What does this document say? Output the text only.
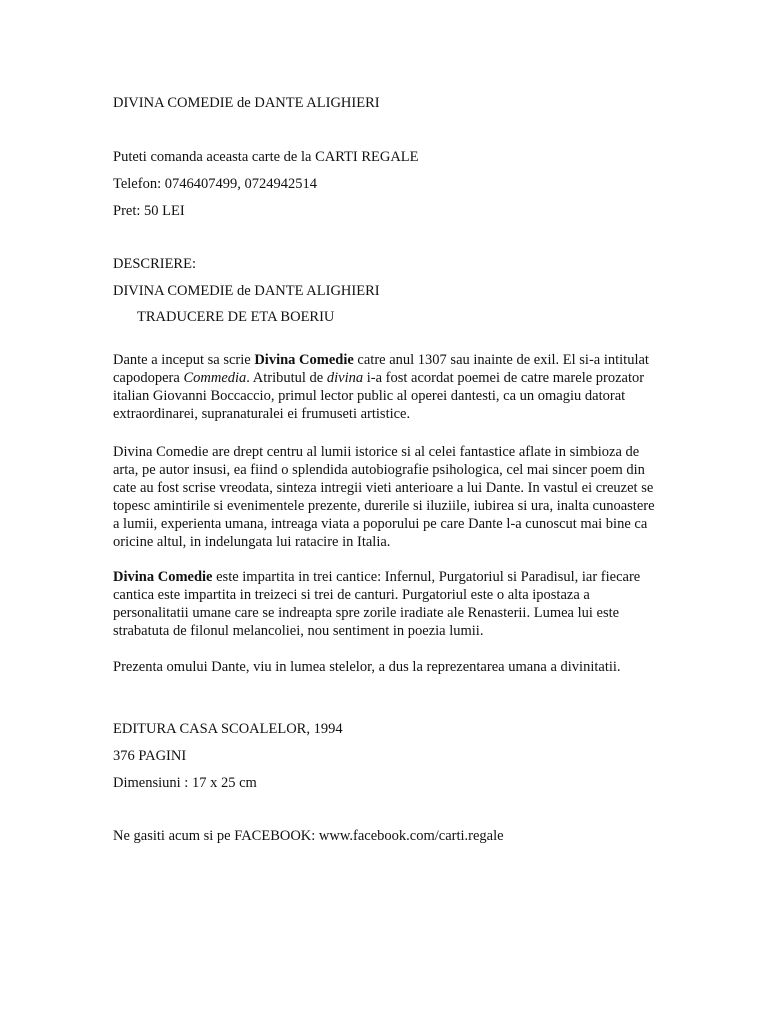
DIVINA COMEDIE de DANTE ALIGHIERI
Puteti comanda aceasta carte de la CARTI REGALE
Telefon: 0746407499, 0724942514
Pret: 50 LEI
DESCRIERE:
DIVINA COMEDIE de DANTE ALIGHIERI
TRADUCERE DE ETA BOERIU
Dante a inceput sa scrie Divina Comedie catre anul 1307 sau inainte de exil. El si-a intitulat capodopera Commedia. Atributul de divina i-a fost acordat poemei de catre marele prozator italian Giovanni Boccaccio, primul lector public al operei dantesti, ca un omagiu datorat extraordinarei, supranaturalei ei frumuseti artistice.
Divina Comedie are drept centru al lumii istorice si al celei fantastice aflate in simbioza de arta, pe autor insusi, ea fiind o splendida autobiografie psihologica, cel mai sincer poem din cate au fost scrise vreodata, sinteza intregii vieti anterioare a lui Dante. In vastul ei creuzet se topesc amintirile si evenimentele prezente, durerile si iluziile, iubirea si ura, inalta cunoastere a lumii, experienta umana, intreaga viata a poporului pe care Dante l-a cunoscut mai bine ca oricine altul, in indelungata lui ratacire in Italia.
Divina Comedie este impartita in trei cantice: Infernul, Purgatoriul si Paradisul, iar fiecare cantica este impartita in treizeci si trei de canturi. Purgatoriul este o alta ipostaza a personalitatii umane care se indreapta spre zorile iradiate ale Renasterii. Lumea lui este strabatuta de filonul melancoliei, nou sentiment in poezia lumii.
Prezenta omului Dante, viu in lumea stelelor, a dus la reprezentarea umana a divinitatii.
EDITURA CASA SCOALELOR, 1994
376 PAGINI
Dimensiuni : 17 x 25 cm
Ne gasiti acum si pe FACEBOOK: www.facebook.com/carti.regale
